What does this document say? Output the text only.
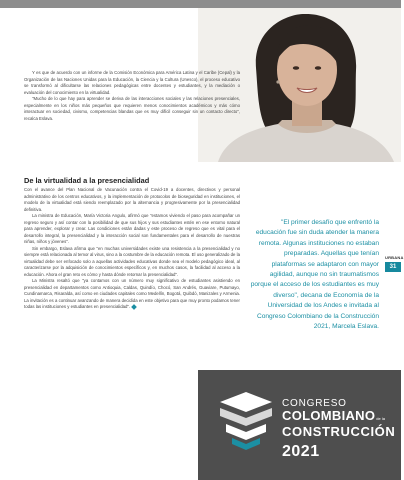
Y es que de acuerdo con un informe de la Comisión Económica para América Latina y el Caribe (Cepal) y la Organización de las Naciones Unidas para la Educación, la Ciencia y la Cultura (Unesco), el proceso educativo se transformó al dificultarse las relaciones pedagógicas entre docentes y estudiantes, y la mediación o evaluación del conocimiento en la virtualidad.

"Mucho de lo que hay para aprender se deriva de las interacciones sociales y las relaciones presenciales, especialmente en los niños más pequeños que requieren menos conocimientos académicos y más cómo interactuar en sociedad, civismo, competencias blandas que es muy difícil conseguir sin un contacto directo", recalca Eslava.

De la virtualidad a la presencialidad

Con el avance del Plan Nacional de Vacunación contra el Covid-19 a docentes, directivos y personal administrativo de los centros educativos, y la implementación de protocolos de bioseguridad en instituciones, el modelo de la virtualidad está siendo reemplazado por la alternancia y progresivamente por la presencialidad definitiva.

La ministra de Educación, María Victoria Angulo, afirmó que "estamos viviendo el paso para acompañar un regreso seguro y así contar con la posibilidad de que sus hijos y sus estudiantes estén en ese entorno natural para aprender, explorar y crear. Las condiciones están dadas y este proceso de regreso que es vital para el desarrollo integral, la presencialidad y la interacción social son fundamentales para el desarrollo de nuestras niñas, niños y jóvenes".

Sin embargo, Eslava afirma que "en muchas universidades existe una resistencia a la presencialidad y no siempre está relacionada al temor al virus, sino a la costumbre de la educación remota. El uso generalizado de la virtualidad debe ser enfocado solo a aquellas actividades educativas donde sea el modelo pedagógico ideal, al caracterizarse por la adquisición de conocimientos específicos y, en muchos casos, la facilidad al acceso a la educación. Ahora el gran reto es cómo y hasta dónde retornar la presencialidad".

La Ministra resaltó que "ya contamos con un número muy significativo de estudiantes asistiendo en presencialidad en departamentos como Antioquia, Caldas, Quindío, Chocó, San Andrés, Guaviare, Putumayo, Cundinamarca, Risaralda, así como en ciudades capitales como Medellín, Bogotá, Quibdó, Manizales y Armenia. La invitación es a continuar avanzando de manera decidida en este objetivo para que muy pronto podamos tener todas las instituciones y estudiantes en presencialidad".

"El primer desafío que enfrentó la educación fue sin duda atender la manera remota. Algunas instituciones no estaban preparadas. Aquellas que tenían plataformas se adaptaron con mayor agilidad, aunque no sin traumatismos porque el acceso de los estudiantes es muy diverso", decana de Economía de la Universidad de los Andes e invitada al Congreso Colombiano de la Construcción 2021, Marcela Eslava.
URBANA
31
CONGRESO
COLOMBIANOde la
CONSTRUCCIÓN
2021
